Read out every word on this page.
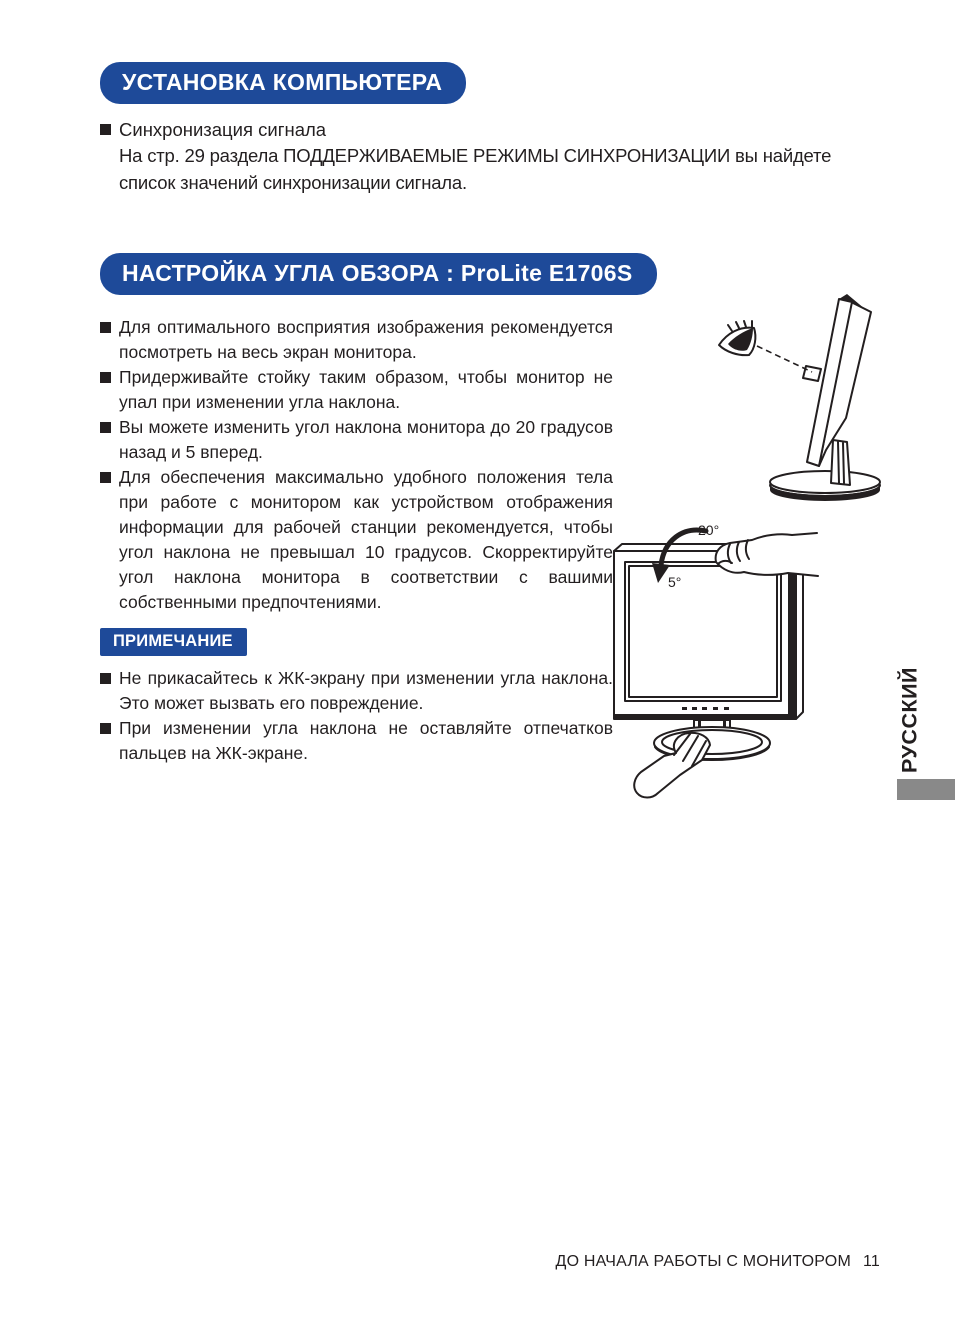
УСТАНОВКА КОМПЬЮТЕРА
Синхронизация сигнала
На стр. 29 раздела ПОДДЕРЖИВАЕМЫЕ РЕЖИМЫ СИНХРОНИЗАЦИИ вы найдете список значений синхронизации сигнала.
НАСТРОЙКА УГЛА ОБЗОРА : ProLite E1706S
Для оптимального восприятия изображения рекомендуется посмотреть на весь экран монитора.
Придерживайте стойку таким образом, чтобы монитор не упал при изменении угла наклона.
Вы можете изменить угол наклона монитора до 20 градусов назад и 5 вперед.
Для обеспечения максимально удобного положения тела при работе с монитором как устройством отображения информации для рабочей станции рекомендуется, чтобы угол наклона не превышал 10 градусов. Скорректируйте угол наклона монитора в соответствии с вашими собственными предпочтениями.
ПРИМЕЧАНИЕ
Не прикасайтесь к ЖК-экрану при изменении угла наклона. Это может вызвать его повреждение.
При изменении угла наклона не оставляйте отпечатков пальцев на ЖК-экране.
20°
5°
РУССКИЙ
ДО НАЧАЛА РАБОТЫ С МОНИТОРОМ 11
